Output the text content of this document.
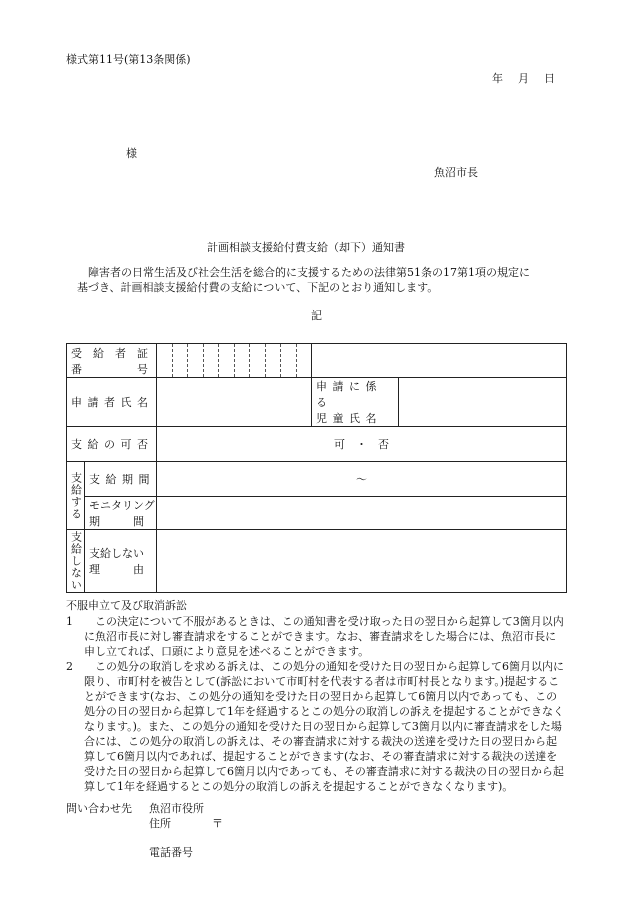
様式第11号(第13条関係)
年　月　日
様
魚沼市長
計画相談支援給付費支給（却下）通知書
障害者の日常生活及び社会生活を総合的に支援するための法律第51条の17第1項の規定に
基づき、計画相談支援給付費の支給について、下記のとおり通知します。
記
受　給　者　証
番　　　　　号				

申請者氏名			申請に係る
児童氏名	

支給の可否		可　・　否		

支給する	支給期間	～		

	モニタリング
期　　　間			

支給しない	支給しない
理　　　由			

不服申立て及び取消訴訟
1	この決定について不服があるときは、この通知書を受け取った日の翌日から起算して3箇月以内に魚沼市長に対し審査請求をすることができます。なお、審査請求をした場合には、魚沼市長に申し立てれば、口頭により意見を述べることができます。
2	この処分の取消しを求める訴えは、この処分の通知を受けた日の翌日から起算して6箇月以内に限り、市町村を被告として(訴訟において市町村を代表する者は市町村長となります。)提起することができます(なお、この処分の通知を受けた日の翌日から起算して6箇月以内であっても、この処分の日の翌日から起算して1年を経過するとこの処分の取消しの訴えを提起することができなくなります。)。また、この処分の通知を受けた日の翌日から起算して3箇月以内に審査請求をした場合には、この処分の取消しの訴えは、その審査請求に対する裁決の送達を受けた日の翌日から起算して6箇月以内であれば、提起することができます(なお、その審査請求に対する裁決の送達を受けた日の翌日から起算して6箇月以内であっても、その審査請求に対する裁決の日の翌日から起算して1年を経過するとこの処分の取消しの訴えを提起することができなくなります)。
問い合わせ先 魚沼市役所
住所	〒
電話番号
